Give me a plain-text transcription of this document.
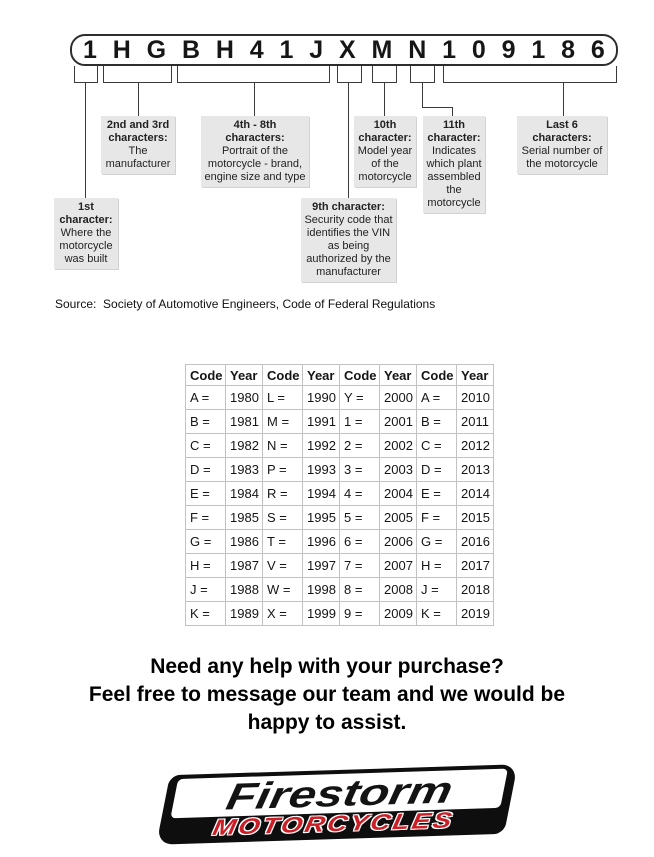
1 H G B H 4 1 J X M N 1 0 9 1 8 6
1st character:
Where the motorcycle was built
2nd and 3rd characters:
The manufacturer
4th - 8th characters:
Portrait of the motorcycle - brand, engine size and type
9th character:
Security code that identifies the VIN as being authorized by the manufacturer
10th character:
Model year of the motorcycle
11th character:
Indicates which plant assembled the motorcycle
Last 6 characters:
Serial number of the motorcycle
Source:  Society of Automotive Engineers, Code of Federal Regulations
Code	Year	Code	Year	Code	Year	Code	Year
A =	1980	L =	1990	Y =	2000	A =	2010
B =	1981	M =	1991	1 =	2001	B =	2011
C =	1982	N =	1992	2 =	2002	C =	2012
D =	1983	P =	1993	3 =	2003	D =	2013
E =	1984	R =	1994	4 =	2004	E =	2014
F =	1985	S =	1995	5 =	2005	F =	2015
G =	1986	T =	1996	6 =	2006	G =	2016
H =	1987	V =	1997	7 =	2007	H =	2017
J =	1988	W =	1998	8 =	2008	J =	2018
K =	1989	X =	1999	9 =	2009	K =	2019
Need any help with your purchase?
Feel free to message our team and we would be
happy to assist.
Firestorm
MOTORCYCLES
